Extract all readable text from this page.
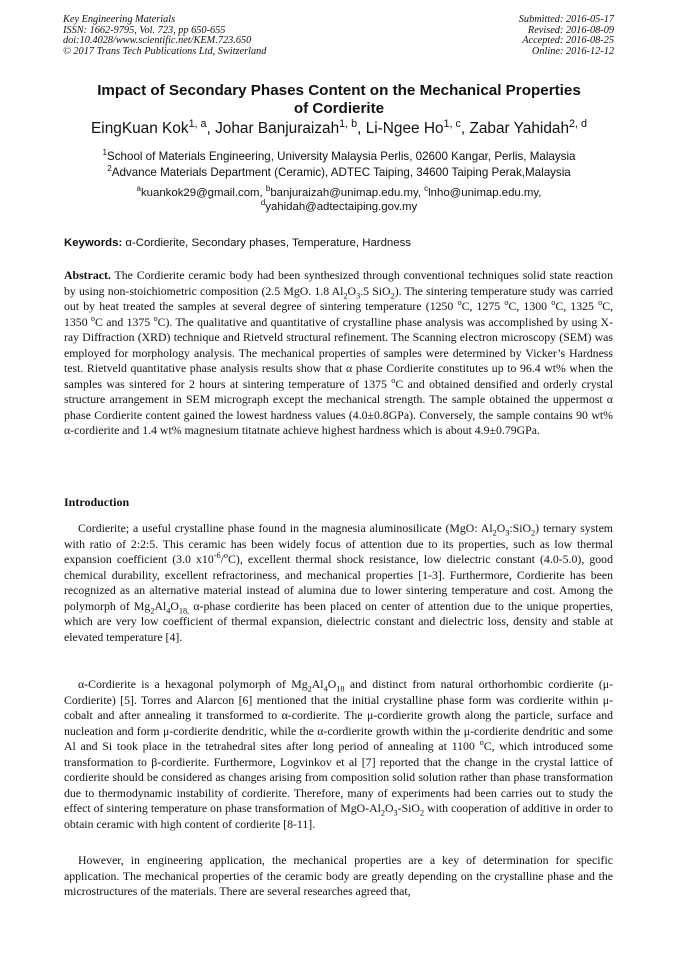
Key Engineering Materials
ISSN: 1662-9795, Vol. 723, pp 650-655
doi:10.4028/www.scientific.net/KEM.723.650
© 2017 Trans Tech Publications Ltd, Switzerland
Submitted: 2016-05-17
Revised: 2016-08-09
Accepted: 2016-08-25
Online: 2016-12-12
Impact of Secondary Phases Content on the Mechanical Properties
of Cordierite
EingKuan Kok$^{1, a}$, Johar Banjuraizah$^{1, b}$, Li-Ngee Ho$^{1, c}$, Zabar Yahidah$^{2, d}$
$^1$School of Materials Engineering, University Malaysia Perlis, 02600 Kangar, Perlis, Malaysia
$^2$Advance Materials Department (Ceramic), ADTEC Taiping, 34600 Taiping Perak,Malaysia
$^a$kuankok29@gmail.com, $^b$banjuraizah@unimap.edu.my, $^c$lnho@unimap.edu.my,
$^d$yahidah@adtectaiping.gov.my
Keywords: α-Cordierite, Secondary phases, Temperature, Hardness
Abstract. The Cordierite ceramic body had been synthesized through conventional techniques solid state reaction by using non-stoichiometric composition (2.5 MgO. 1.8 $Al_2O_3.5$ SiO$_2$). The sintering temperature study was carried out by heat treated the samples at several degree of sintering temperature (1250 $^o$C, 1275 $^o$C, 1300 $^o$C, 1325 $^o$C, 1350 $^o$C and 1375 $^o$C). The qualitative and quantitative of crystalline phase analysis was accomplished by using X-ray Diffraction (XRD) technique and Rietveld structural refinement. The Scanning electron microscopy (SEM) was employed for morphology analysis. The mechanical properties of samples were determined by Vicker’s Hardness test. Rietveld quantitative phase analysis results show that α phase Cordierite constitutes up to 96.4 wt% when the samples was sintered for 2 hours at sintering temperature of 1375 $^o$C and obtained densified and orderly crystal structure arrangement in SEM micrograph except the mechanical strength. The sample obtained the uppermost α phase Cordierite content gained the lowest hardness values (4.0±0.8GPa). Conversely, the sample contains 90 wt% α-cordierite and 1.4 wt% magnesium titatnate achieve highest hardness which is about 4.9±0.79GPa.
Introduction
Cordierite; a useful crystalline phase found in the magnesia aluminosilicate (MgO: $Al_2O_3:SiO_2$) ternary system with ratio of 2:2:5. This ceramic has been widely focus of attention due to its properties, such as low thermal expansion coefficient (3.0 $x10^{-6}/^oC$), excellent thermal shock resistance, low dielectric constant (4.0-5.0), good chemical durability, excellent refractoriness, and mechanical properties [1-3]. Furthermore, Cordierite has been recognized as an alternative material instead of alumina due to lower sintering temperature and cost. Among the polymorph of $Mg_2Al_4O_{18,}$ α-phase cordierite has been placed on center of attention due to the unique properties, which are very low coefficient of thermal expansion, dielectric constant and dielectric loss, density and stable at elevated temperature [4].
α-Cordierite is a hexagonal polymorph of $Mg_2Al_4O_{18}$ and distinct from natural orthorhombic cordierite (μ-Cordierite) [5]. Torres and Alarcon [6] mentioned that the initial crystalline phase form was cordierite within μ-cobalt and after annealing it transformed to α-cordierite. The μ-cordierite growth along the particle, surface and nucleation and form μ-cordierite dendritic, while the α-cordierite growth within the μ-cordierite dendritic and some Al and Si took place in the tetrahedral sites after long period of annealing at 1100 $^o$C, which introduced some transformation to β-cordierite. Furthermore, Logvinkov et al [7] reported that the change in the crystal lattice of cordierite should be considered as changes arising from composition solid solution rather than phase transformation due to thermodynamic instability of cordierite. Therefore, many of experiments had been carries out to study the effect of sintering temperature on phase transformation of MgO-$Al_2O_3-SiO_2$ with cooperation of additive in order to obtain ceramic with high content of cordierite [8-11].
However, in engineering application, the mechanical properties are a key of determination for specific application. The mechanical properties of the ceramic body are greatly depending on the crystalline phase and the microstructures of the materials. There are several researches agreed that,
